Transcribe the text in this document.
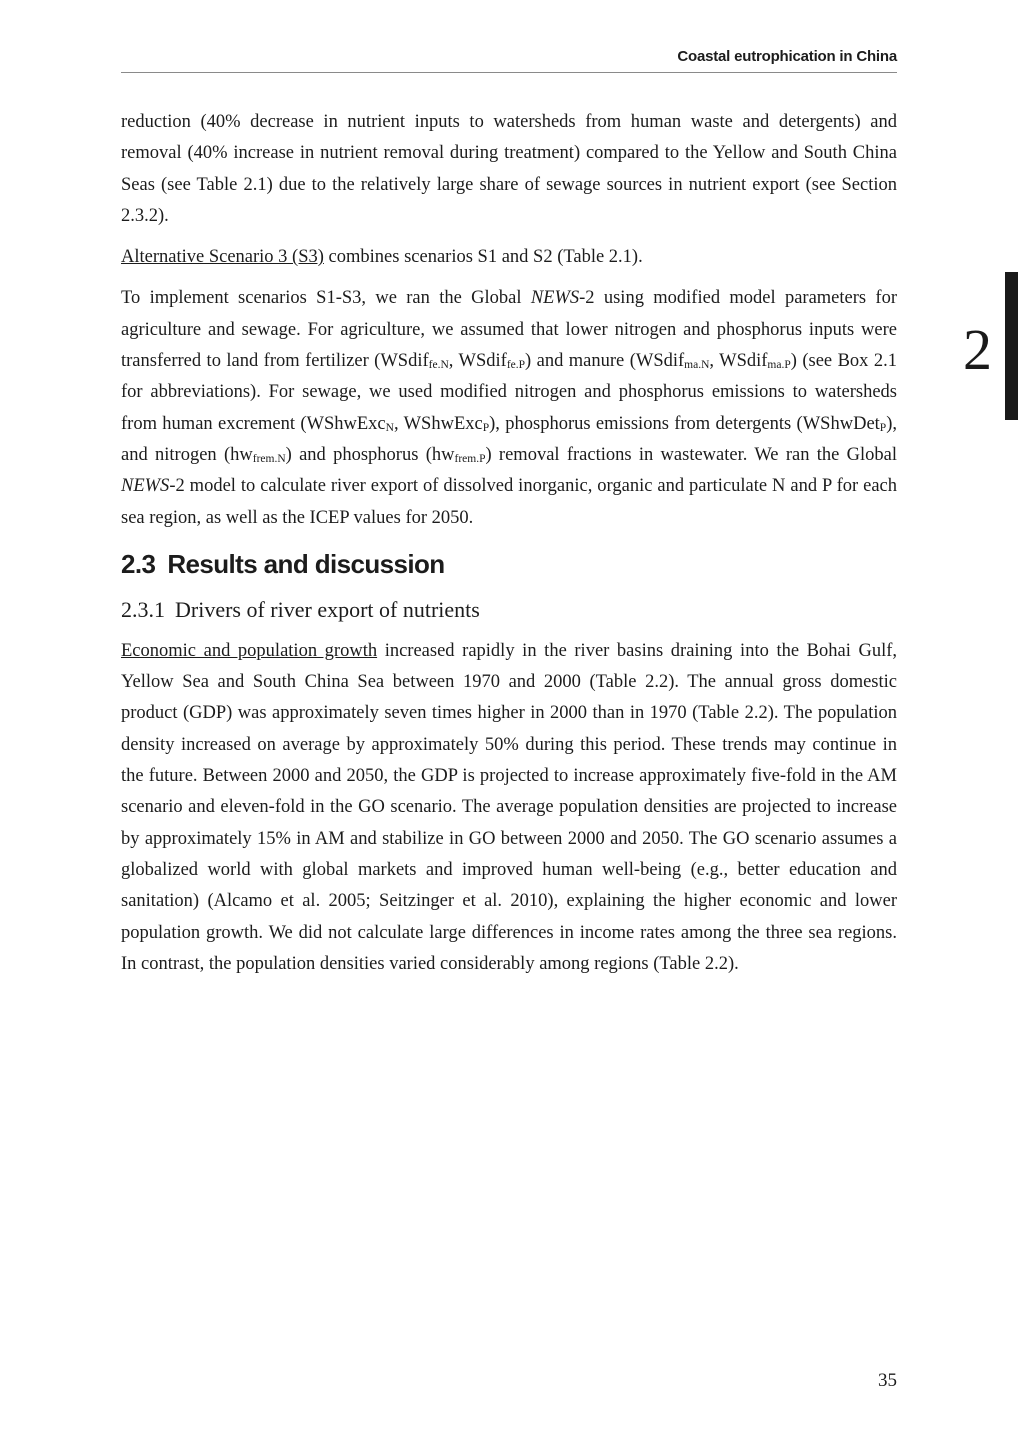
Coastal eutrophication in China
2

reduction (40% decrease in nutrient inputs to watersheds from human waste and detergents) and removal (40% increase in nutrient removal during treatment) compared to the Yellow and South China Seas (see Table 2.1) due to the relatively large share of sewage sources in nutrient export (see Section 2.3.2).

Alternative Scenario 3 (S3) combines scenarios S1 and S2 (Table 2.1).

To implement scenarios S1-S3, we ran the Global NEWS-2 using modified model parameters for agriculture and sewage. For agriculture, we assumed that lower nitrogen and phosphorus inputs were transferred to land from fertilizer (WSdif$_{fe.N}$, WSdif$_{fe.P}$) and manure (WSdif$_{ma.N}$, WSdif$_{ma.P}$) (see Box 2.1 for abbreviations). For sewage, we used modified nitrogen and phosphorus emissions to watersheds from human excrement (WShwExc$_N$, WShwExc$_P$), phosphorus emissions from detergents (WShwDet$_P$), and nitrogen $(hw_{frem.N})$ and phosphorus $(hw_{frem.P})$ removal fractions in wastewater. We ran the Global NEWS-2 model to calculate river export of dissolved inorganic, organic and particulate N and P for each sea region, as well as the ICEP values for 2050.

2.3 Results and discussion
2.3.1 Drivers of river export of nutrients

Economic and population growth increased rapidly in the river basins draining into the Bohai Gulf, Yellow Sea and South China Sea between 1970 and 2000 (Table 2.2). The annual gross domestic product (GDP) was approximately seven times higher in 2000 than in 1970 (Table 2.2). The population density increased on average by approximately 50% during this period. These trends may continue in the future. Between 2000 and 2050, the GDP is projected to increase approximately five-fold in the AM scenario and eleven-fold in the GO scenario. The average population densities are projected to increase by approximately 15% in AM and stabilize in GO between 2000 and 2050. The GO scenario assumes a globalized world with global markets and improved human well-being (e.g., better education and sanitation) (Alcamo et al. 2005; Seitzinger et al. 2010), explaining the higher economic and lower population growth. We did not calculate large differences in income rates among the three sea regions. In contrast, the population densities varied considerably among regions (Table 2.2).

35
